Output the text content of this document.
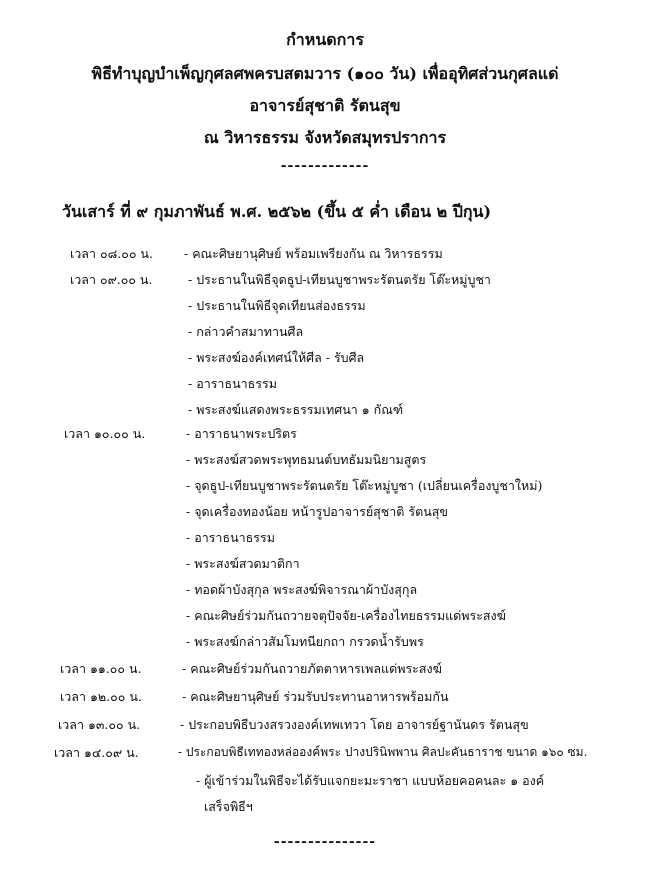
กำหนดการ
พิธีทำบุญบำเพ็ญกุศลศพครบสตมวาร (๑๐๐ วัน) เพื่ออุทิศส่วนกุศลแด่
อาจารย์สุชาติ รัตนสุข
ณ วิหารธรรม จังหวัดสมุทรปราการ
-------------
วันเสาร์ ที่ ๙ กุมภาพันธ์ พ.ศ. ๒๕๖๒ (ขึ้น ๕ ค่ำ เดือน ๒ ปีกุน)
เวลา ๐๘.๐๐ น. - คณะศิษยานุศิษย์ พร้อมเพรียงกัน ณ วิหารธรรม
เวลา ๐๙.๐๐ น.	- ประธานในพิธีจุดธูป-เทียนบูชาพระรัตนตรัย โต๊ะหมู่บูชา
- ประธานในพิธีจุดเทียนส่องธรรม
- กล่าวคำสมาทานศีล
- พระสงฆ์องค์เทศน์ให้ศีล - รับศีล
- อาราธนาธรรม
- พระสงฆ์แสดงพระธรรมเทศนา ๑ กัณฑ์
เวลา ๑๐.๐๐ น.	- อาราธนาพระปริตร
- พระสงฆ์สวดพระพุทธมนต์บทธัมมนิยามสูตร
- จุดธูป-เทียนบูชาพระรัตนตรัย โต๊ะหมู่บูชา (เปลี่ยนเครื่องบูชาใหม่)
- จุดเครื่องทองน้อย หน้ารูปอาจารย์สุชาติ รัตนสุข
- อาราธนาธรรม
- พระสงฆ์สวดมาติกา
- ทอดผ้าบังสุกุล พระสงฆ์พิจารณาผ้าบังสุกุล
- คณะศิษย์ร่วมกันถวายจตุปัจจัย-เครื่องไทยธรรมแด่พระสงฆ์
- พระสงฆ์กล่าวสัมโมทนียกถา กรวดน้ำรับพร
เวลา ๑๑.๐๐ น.	- คณะศิษย์ร่วมกันถวายภัตตาหารเพลแด่พระสงฆ์
เวลา ๑๒.๐๐ น.	- คณะศิษยานุศิษย์ ร่วมรับประทานอาหารพร้อมกัน
เวลา ๑๓.๐๐ น.	- ประกอบพิธีบวงสรวงองค์เทพเทวา โดย อาจารย์ฐานันดร รัตนสุข
เวลา ๑๔.๐๙ น.	- ประกอบพิธีเททองหล่อองค์พระ ปางปรินิพพาน ศิลปะคันธาราช ขนาด ๑๖๐ ซม.
- ผู้เข้าร่วมในพิธีจะได้รับแจกยะมะราชา แบบห้อยคอคนละ ๑ องค์
เสร็จพิธีฯ
---------------
